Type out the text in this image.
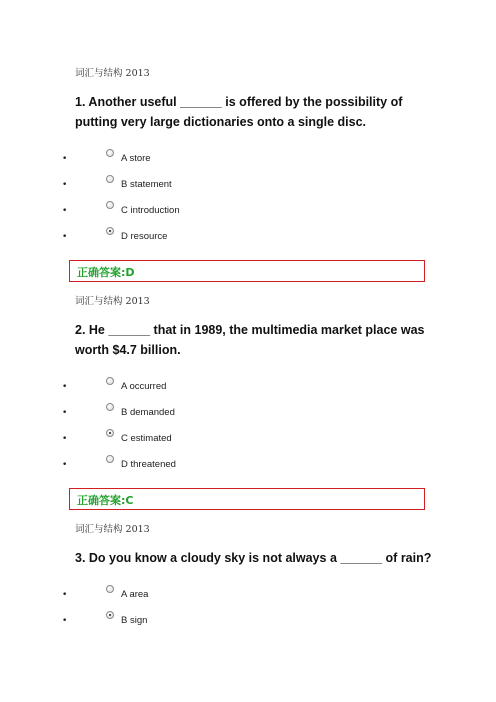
词汇与结构 2013
1. Another useful ______ is offered by the possibility of putting very large dictionaries onto a single disc.
•	A store
•	B statement
•	C introduction
•	D resource
正确答案:D
词汇与结构 2013
2. He ______ that in 1989, the multimedia market place was worth $4.7 billion.
•	A occurred
•	B demanded
•	C estimated
•	D threatened
正确答案:C
词汇与结构 2013
3. Do you know a cloudy sky is not always a ______ of rain?
•	A area
•	B sign
